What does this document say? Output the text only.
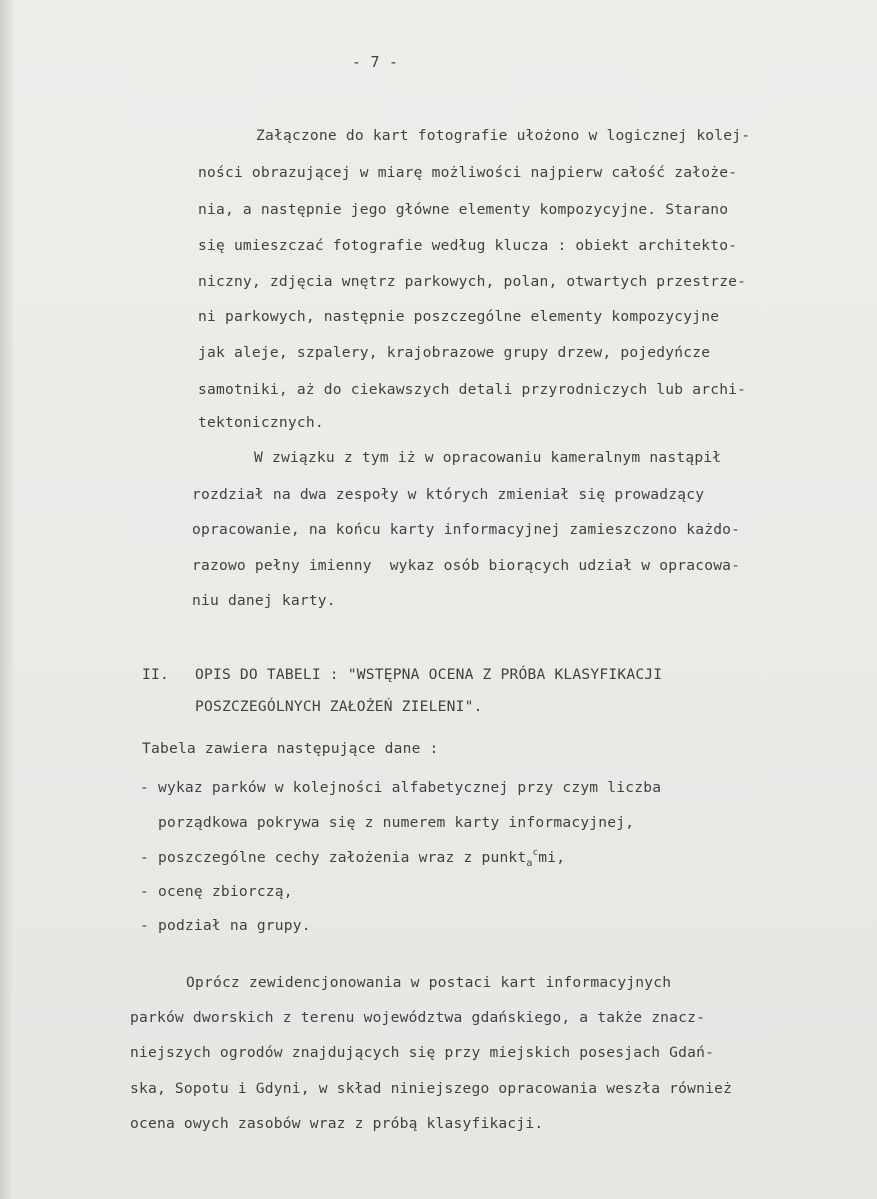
- 7 -
Załączone do kart fotografie ułożono w logicznej kolej-
ności obrazującej w miarę możliwości najpierw całość założe-
nia, a następnie jego główne elementy kompozycyjne. Starano
się umieszczać fotografie według klucza : obiekt architekto-
niczny, zdjęcia wnętrz parkowych, polan, otwartych przestrze-
ni parkowych, następnie poszczególne elementy kompozycyjne
jak aleje, szpalery, krajobrazowe grupy drzew, pojedyńcze
samotniki, aż do ciekawszych detali przyrodniczych lub archi-
tektonicznych.
W związku z tym iż w opracowaniu kameralnym nastąpił
rozdział na dwa zespoły w których zmieniał się prowadzący
opracowanie, na końcu karty informacyjnej zamieszczono każdo-
razowo pełny imienny  wykaz osób biorących udział w opracowa-
niu danej karty.
II. OPIS DO TABELI : "WSTĘPNA OCENA Z PRÓBA KLASYFIKACJI
POSZCZEGÓLNYCH ZAŁOŻEŃ ZIELENI".
Tabela zawiera następujące dane :
- wykaz parków w kolejności alfabetycznej przy czym liczba
porządkowa pokrywa się z numerem karty informacyjnej,
- poszczególne cechy założenia wraz z punkt$_a^c$mi,
- ocenę zbiorczą,
- podział na grupy.
Oprócz zewidencjonowania w postaci kart informacyjnych
parków dworskich z terenu województwa gdańskiego, a także znacz-
niejszych ogrodów znajdujących się przy miejskich posesjach Gdań-
ska, Sopotu i Gdyni, w skład niniejszego opracowania weszła również
ocena owych zasobów wraz z próbą klasyfikacji.
